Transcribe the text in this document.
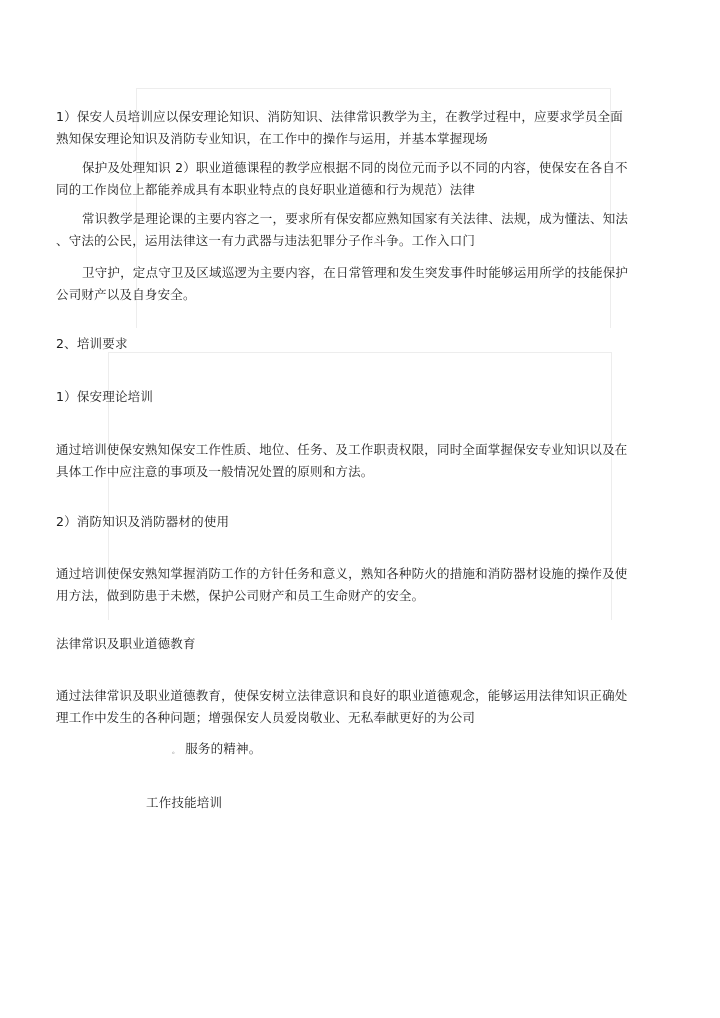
1）保安人员培训应以保安理论知识、消防知识、法律常识教学为主，在教学过程中，应要求学员全面
熟知保安理论知识及消防专业知识，在工作中的操作与运用，并基本掌握现场

保护及处理知识 2）职业道德课程的教学应根据不同的岗位元而予以不同的内容，使保安在各自不
同的工作岗位上都能养成具有本职业特点的良好职业道德和行为规范）法律

常识教学是理论课的主要内容之一，要求所有保安都应熟知国家有关法律、法规，成为懂法、知法
、守法的公民，运用法律这一有力武器与违法犯罪分子作斗争。工作入口门

卫守护，定点守卫及区域巡逻为主要内容，在日常管理和发生突发事件时能够运用所学的技能保护
公司财产以及自身安全。

2、培训要求

1）保安理论培训

通过培训使保安熟知保安工作性质、地位、任务、及工作职责权限，同时全面掌握保安专业知识以及在
具体工作中应注意的事项及一般情况处置的原则和方法。

2）消防知识及消防器材的使用

通过培训使保安熟知掌握消防工作的方针任务和意义，熟知各种防火的措施和消防器材设施的操作及使
用方法，做到防患于未燃，保护公司财产和员工生命财产的安全。

法律常识及职业道德教育

通过法律常识及职业道德教育，使保安树立法律意识和良好的职业道德观念，能够运用法律知识正确处
理工作中发生的各种问题；增强保安人员爱岗敬业、无私奉献更好的为公司

。 服务的精神。

工作技能培训
